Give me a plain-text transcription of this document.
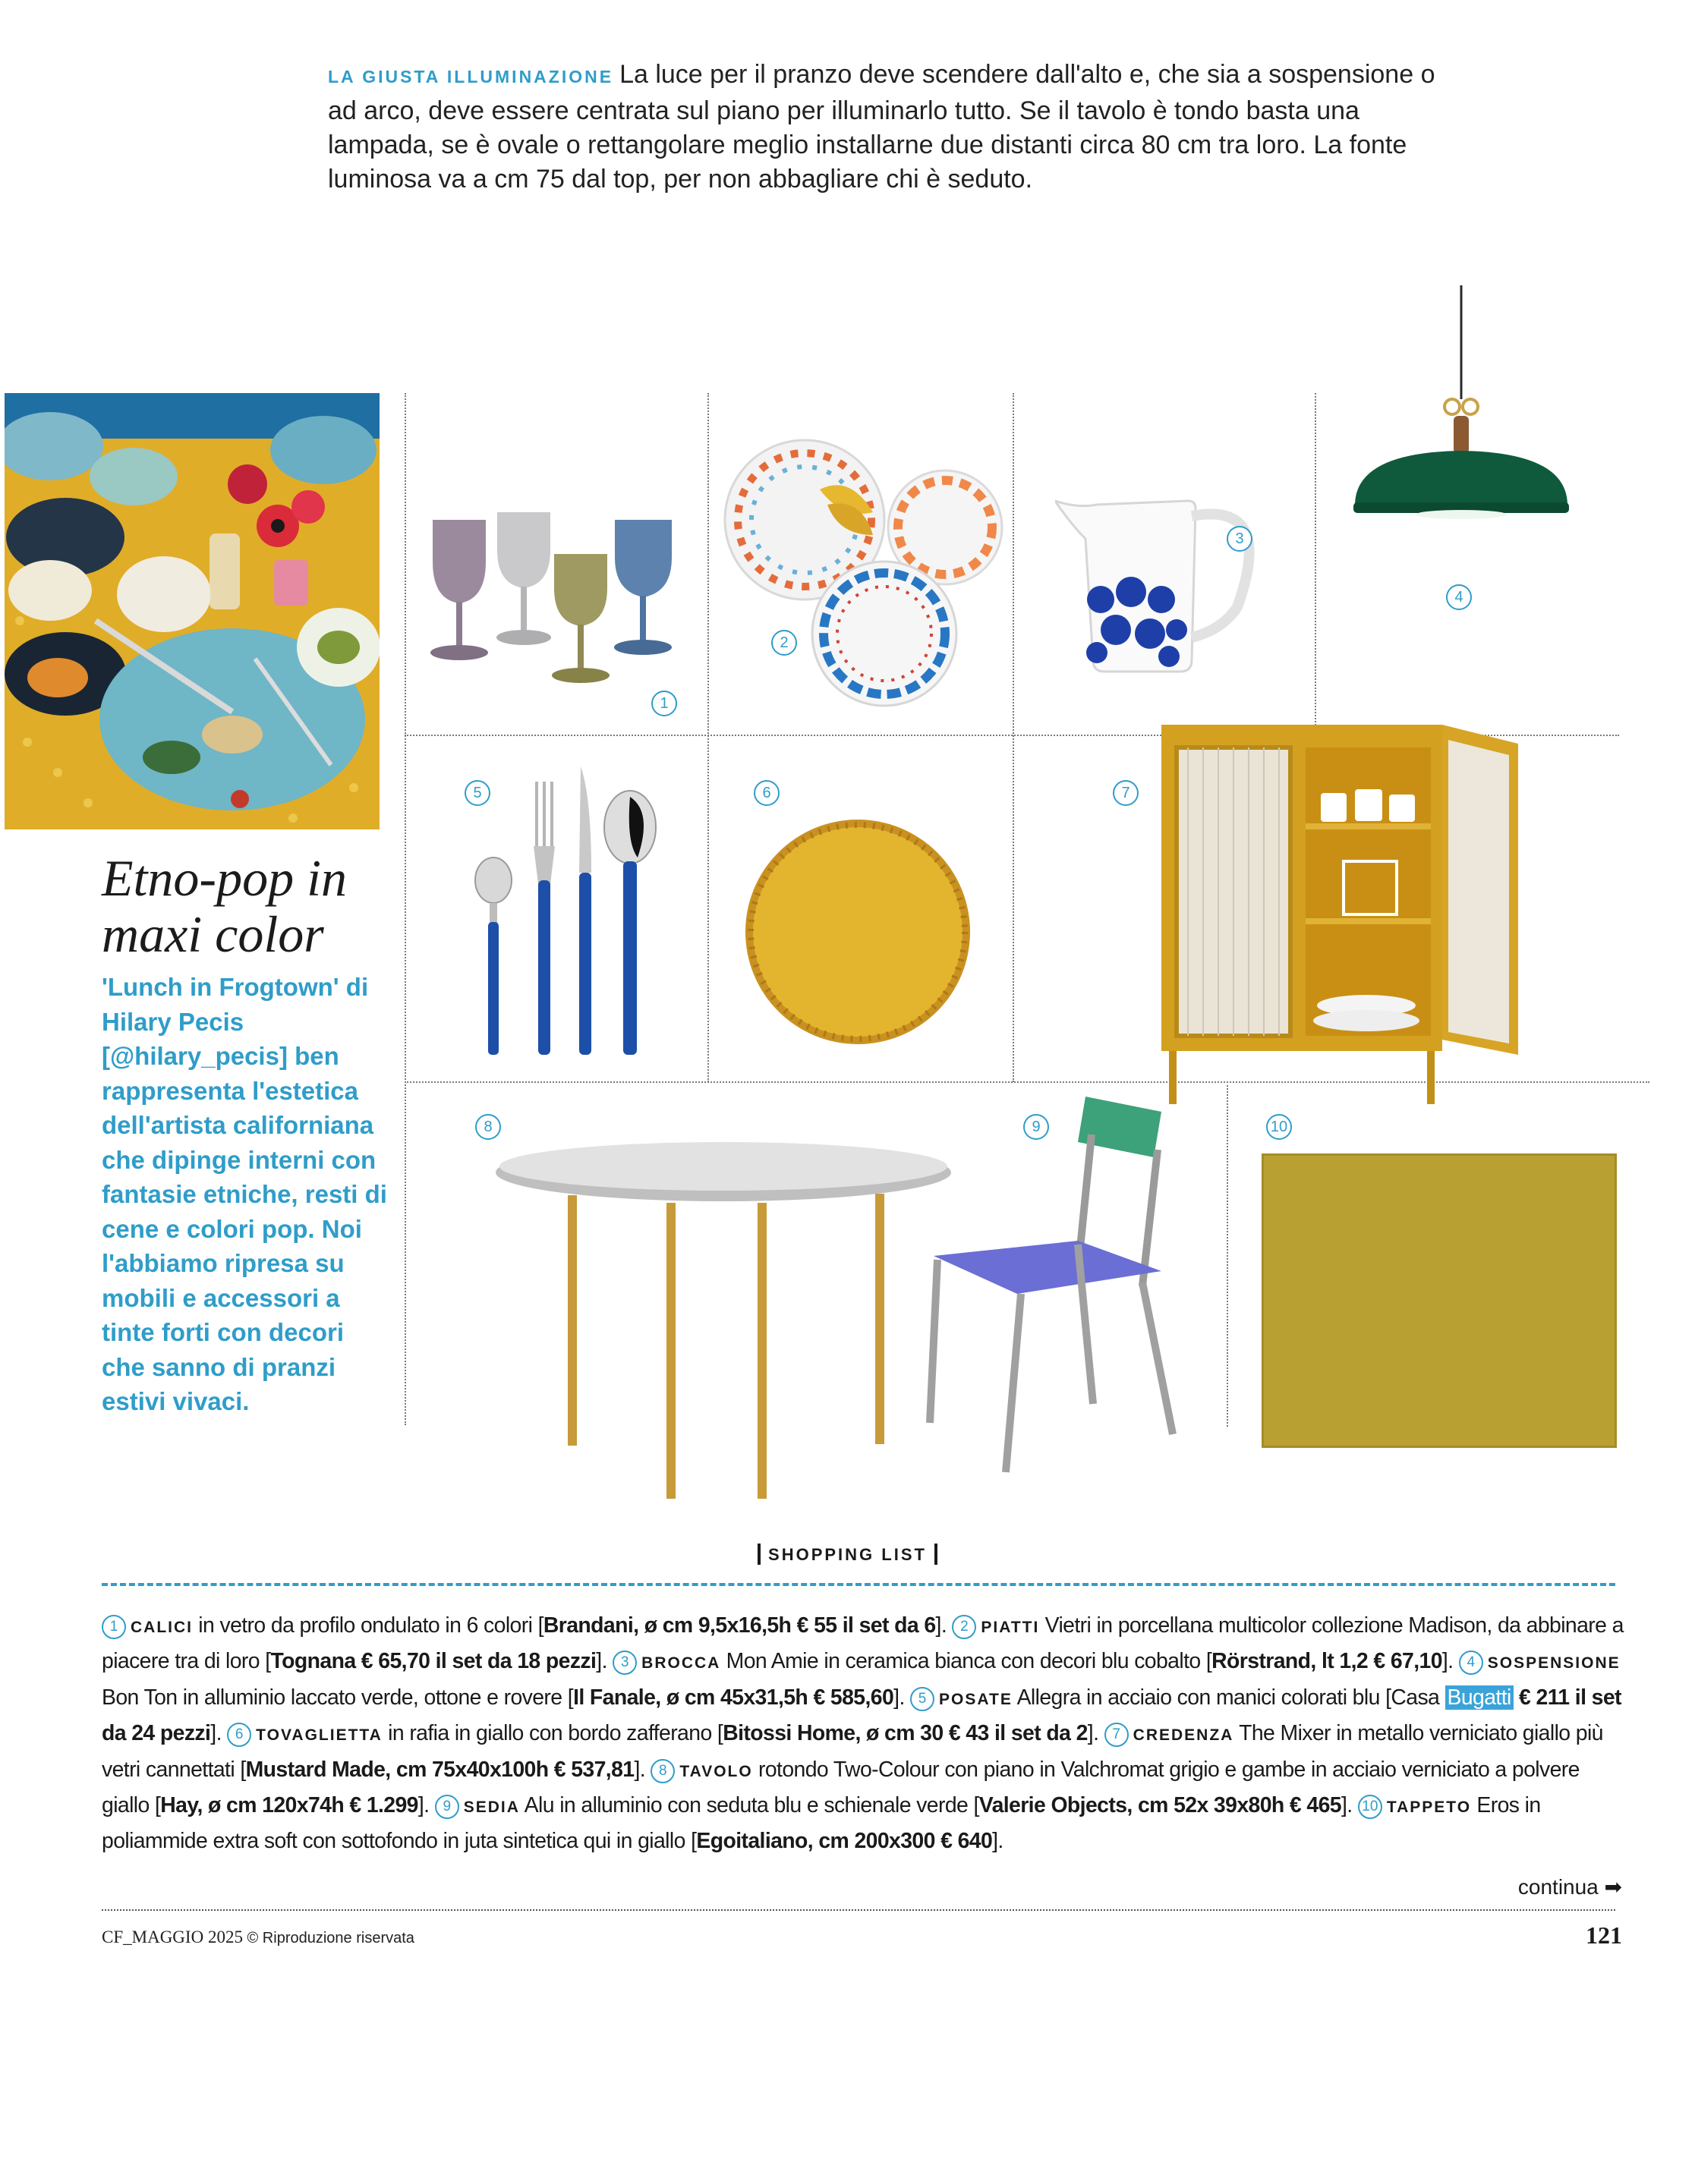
LA GIUSTA ILLUMINAZIONE La luce per il pranzo deve scendere dall'alto e, che sia a sospensione o ad arco, deve essere centrata sul piano per illuminarlo tutto. Se il tavolo è tondo basta una lampada, se è ovale o rettangolare meglio installarne due distanti circa 80 cm tra loro. La fonte luminosa va a cm 75 dal top, per non abbagliare chi è seduto.
Etno-pop in
maxi color
'Lunch in Frogtown' di Hilary Pecis [@hilary_pecis] ben rappresenta l'estetica dell'artista californiana che dipinge interni con fantasie etniche, resti di cene e colori pop. Noi l'abbiamo ripresa su mobili e accessori a tinte forti con decori che sanno di pranzi estivi vivaci.
1
2
3
4
5	6	7
8	9	10
SHOPPING LIST
1 CALICI in vetro da profilo ondulato in 6 colori [Brandani, ø cm 9,5x16,5h € 55 il set da 6]. 2 PIATTI Vietri in porcellana multicolor collezione Madison, da abbinare a piacere tra di loro [Tognana € 65,70 il set da 18 pezzi]. 3 BROCCA Mon Amie in ceramica bianca con decori blu cobalto [Rörstrand, lt 1,2 € 67,10]. 4 SOSPENSIONE Bon Ton in alluminio laccato verde, ottone e rovere [Il Fanale, ø cm 45x31,5h € 585,60]. 5 POSATE Allegra in acciaio con manici colorati blu [Casa Bugatti € 211 il set da 24 pezzi]. 6 TOVAGLIETTA in rafia in giallo con bordo zafferano [Bitossi Home, ø cm 30 € 43 il set da 2]. 7 CREDENZA The Mixer in metallo verniciato giallo più vetri cannettati [Mustard Made, cm 75x40x100h € 537,81]. 8 TAVOLO rotondo Two-Colour con piano in Valchromat grigio e gambe in acciaio verniciato a polvere giallo [Hay, ø cm 120x74h € 1.299]. 9 SEDIA Alu in alluminio con seduta blu e schienale verde [Valerie Objects, cm 52x 39x80h € 465]. 10 TAPPETO Eros in poliammide extra soft con sottofondo in juta sintetica qui in giallo [Egoitaliano, cm 200x300 € 640].
continua ➡
CF_MAGGIO 2025 © Riproduzione riservata	121
